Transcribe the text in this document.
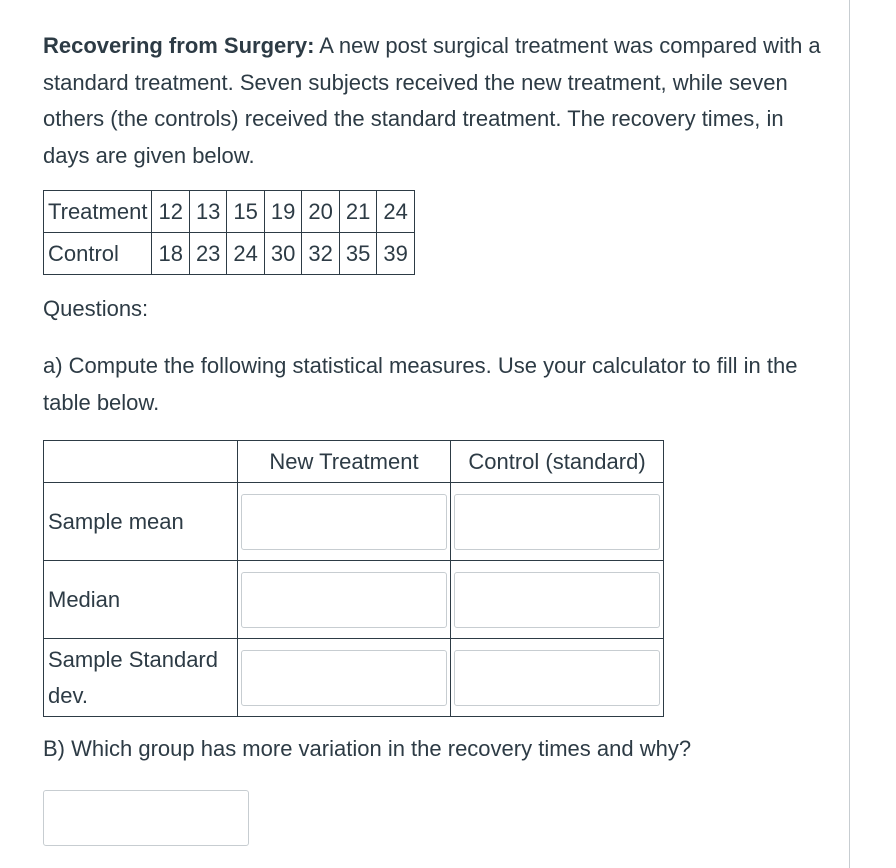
Recovering from Surgery: A new post surgical treatment was compared with a standard treatment. Seven subjects received the new treatment, while seven others (the controls) received the standard treatment. The recovery times, in days are given below.

Treatment	12	13	15	19	20	21	24
Control	18	23	24	30	32	35	39

Questions:

a) Compute the following statistical measures. Use your calculator to fill in the table below.

	New Treatment	Control (standard)
Sample mean	

Median	

Sample Standard dev.	

B) Which group has more variation in the recovery times and why?
